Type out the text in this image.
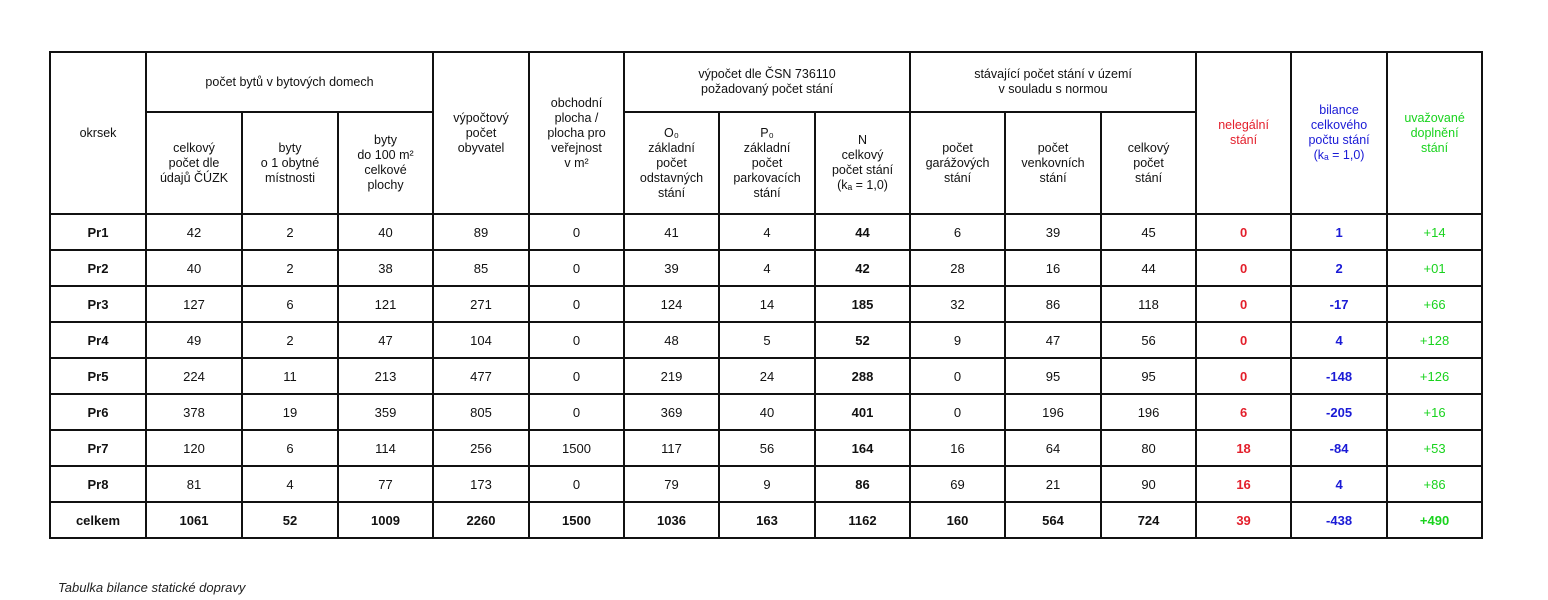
okrsek	počet bytů v bytových domech			výpočtový
počet
obyvatel	obchodní
plocha /
plocha pro
veřejnost
v m²	výpočet dle ČSN 736110
požadovaný počet stání			stávající počet stání v území
v souladu s normou			nelegální
stání	bilance
celkového
počtu stání
(kₐ = 1,0)	uvažované
doplnění
stání

	celkový
počet dle
údajů ČÚZK	byty
o 1 obytné
místnosti	byty
do 100 m²
celkové
plochy			O₀
základní
počet
odstavných
stání	P₀
základní
počet
parkovacích
stání	N
celkový
počet stání
(kₐ = 1,0)	počet
garážových
stání	počet
venkovních
stání	celkový
počet
stání			

Pr1	42	2	40	89	0	41	4	44	6	39	45	0	1	+14
Pr2	40	2	38	85	0	39	4	42	28	16	44	0	2	+01
Pr3	127	6	121	271	0	124	14	185	32	86	118	0	-17	+66
Pr4	49	2	47	104	0	48	5	52	9	47	56	0	4	+128
Pr5	224	11	213	477	0	219	24	288	0	95	95	0	-148	+126
Pr6	378	19	359	805	0	369	40	401	0	196	196	6	-205	+16
Pr7	120	6	114	256	1500	117	56	164	16	64	80	18	-84	+53
Pr8	81	4	77	173	0	79	9	86	69	21	90	16	4	+86
celkem	1061	52	1009	2260	1500	1036	163	1162	160	564	724	39	-438	+490
Tabulka bilance statické dopravy
